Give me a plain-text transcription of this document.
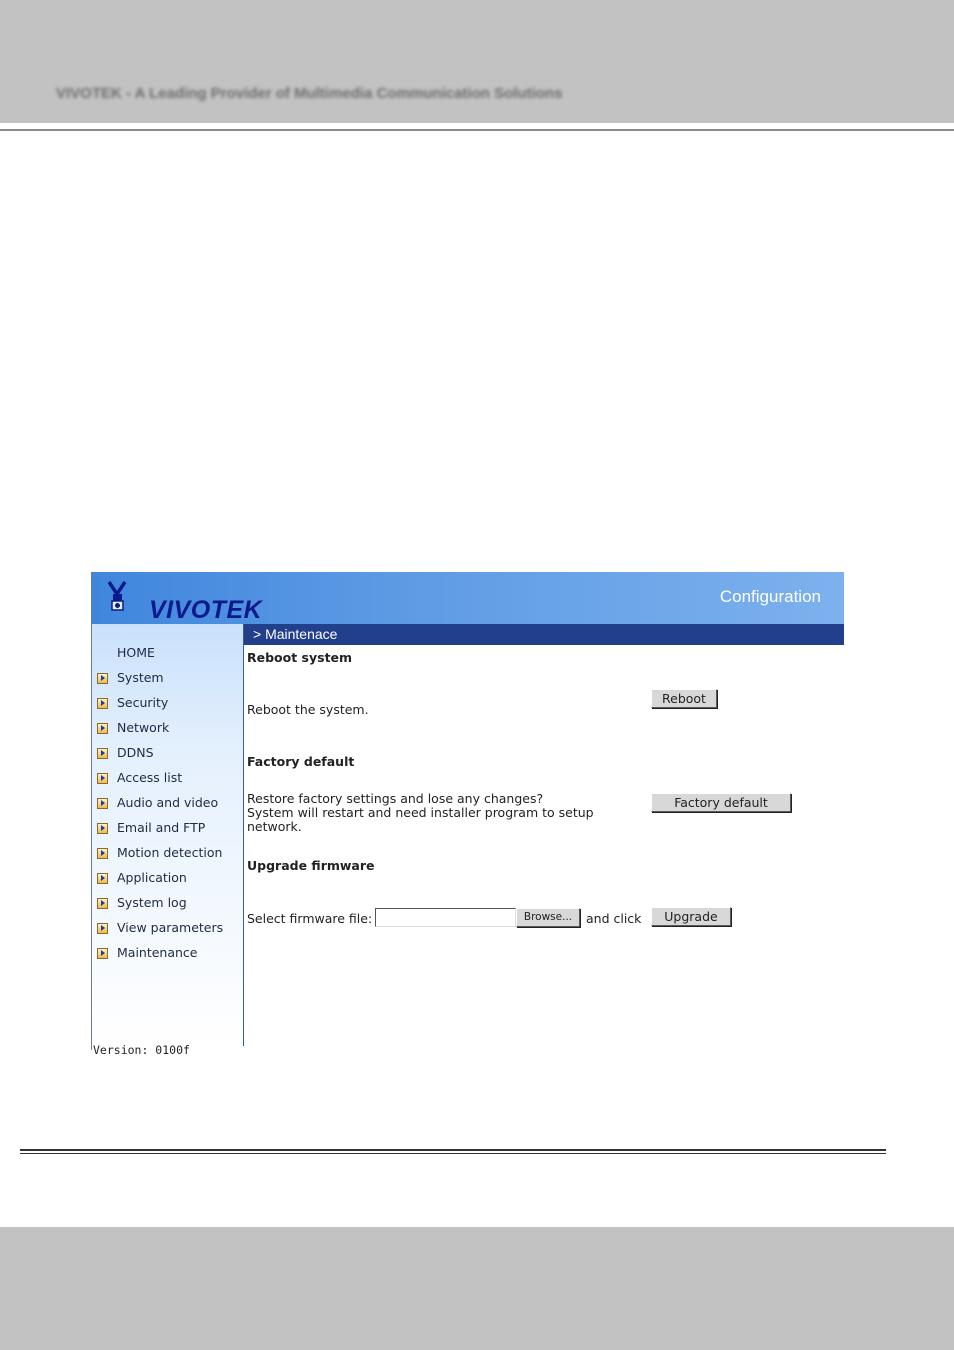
VIVOTEK - A Leading Provider of Multimedia Communication Solutions
VIVOTEK	Configuration
HOME
System
Security
Network
DDNS
Access list
Audio and video
Email and FTP
Motion detection
Application
System log
View parameters
Maintenance
Version: 0100f
> Maintenace
Reboot system
Reboot the system.
Reboot
Factory default
Restore factory settings and lose any changes?
System will restart and need installer program to setup
network.
Factory default
Upgrade firmware
Select firmware file:	Browse...	and click	Upgrade
